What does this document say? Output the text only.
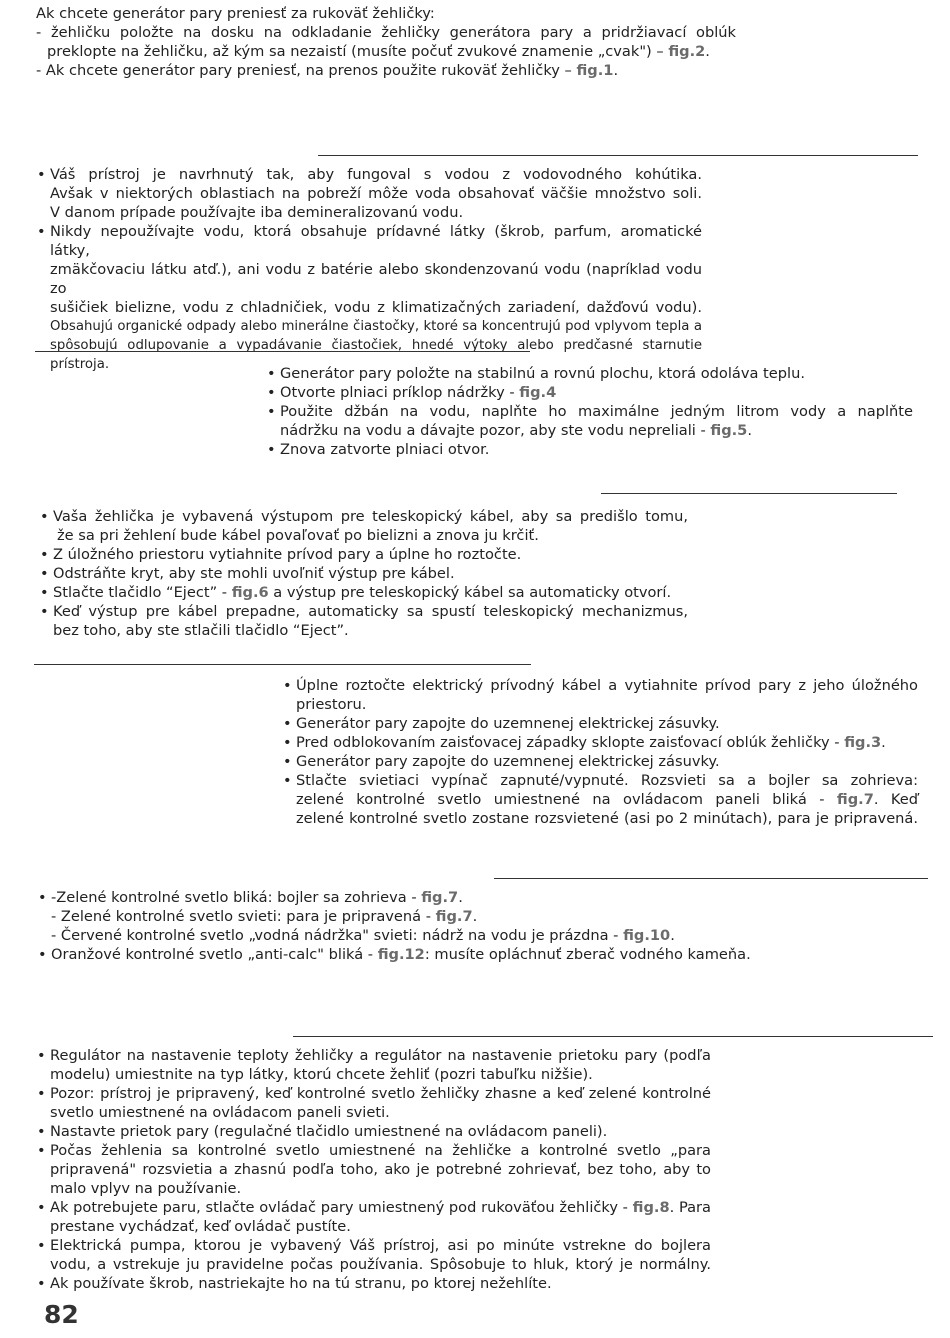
Ak chcete generátor pary preniesť za rukoväť žehličky:
- žehličku položte na dosku na odkladanie žehličky generátora pary a pridržiavací oblúk
preklopte na žehličku, až kým sa nezaistí (musíte počuť zvukové znamenie „cvak") – fig.2.
- Ak chcete generátor pary preniesť, na prenos použite rukoväť žehličky – fig.1.
• Váš prístroj je navrhnutý tak, aby fungoval s vodou z vodovodného kohútika.
Avšak v niektorých oblastiach na pobreží môže voda obsahovať väčšie množstvo soli.
V danom prípade používajte iba demineralizovanú vodu.
• Nikdy nepoužívajte vodu, ktorá obsahuje prídavné látky (škrob, parfum, aromatické látky,
zmäkčovaciu látku atď.), ani vodu z batérie alebo skondenzovanú vodu (napríklad vodu zo
sušičiek bielizne, vodu z chladničiek, vodu z klimatizačných zariadení, dažďovú vodu).
Obsahujú organické odpady alebo minerálne čiastočky, ktoré sa koncentrujú pod vplyvom tepla a
spôsobujú odlupovanie a vypadávanie čiastočiek, hnedé výtoky alebo predčasné starnutie prístroja.
• Generátor pary položte na stabilnú a rovnú plochu, ktorá odoláva teplu.
• Otvorte plniaci príklop nádržky - fig.4
• Použite džbán na vodu, naplňte ho maximálne jedným litrom vody a naplňte
nádržku na vodu a dávajte pozor, aby ste vodu nepreliali - fig.5.
• Znova zatvorte plniaci otvor.
• Vaša žehlička je vybavená výstupom pre teleskopický kábel, aby sa predišlo tomu,
že sa pri žehlení bude kábel povaľovať po bielizni a znova ju krčiť.
• Z úložného priestoru vytiahnite prívod pary a úplne ho roztočte.
• Odstráňte kryt, aby ste mohli uvoľniť výstup pre kábel.
• Stlačte tlačidlo “Eject” - fig.6 a výstup pre teleskopický kábel sa automaticky otvorí.
• Keď výstup pre kábel prepadne, automaticky sa spustí teleskopický mechanizmus,
bez toho, aby ste stlačili tlačidlo “Eject”.
• Úplne roztočte elektrický prívodný kábel a vytiahnite prívod pary z jeho úložného
priestoru.
• Generátor pary zapojte do uzemnenej elektrickej zásuvky.
• Pred odblokovaním zaisťovacej západky sklopte zaisťovací oblúk žehličky - fig.3.
• Generátor pary zapojte do uzemnenej elektrickej zásuvky.
• Stlačte svietiaci vypínač zapnuté/vypnuté. Rozsvieti sa a bojler sa zohrieva:
zelené kontrolné svetlo umiestnené na ovládacom paneli bliká - fig.7. Keď
zelené kontrolné svetlo zostane rozsvietené (asi po 2 minútach), para je pripravená.
• -Zelené kontrolné svetlo bliká: bojler sa zohrieva - fig.7.
- Zelené kontrolné svetlo svieti: para je pripravená - fig.7.
- Červené kontrolné svetlo „vodná nádržka" svieti: nádrž na vodu je prázdna - fig.10.
• Oranžové kontrolné svetlo „anti-calc" bliká - fig.12: musíte opláchnuť zberač vodného kameňa.
• Regulátor na nastavenie teploty žehličky a regulátor na nastavenie prietoku pary (podľa
modelu) umiestnite na typ látky, ktorú chcete žehliť (pozri tabuľku nižšie).
• Pozor: prístroj je pripravený, keď kontrolné svetlo žehličky zhasne a keď zelené kontrolné
svetlo umiestnené na ovládacom paneli svieti.
• Nastavte prietok pary (regulačné tlačidlo umiestnené na ovládacom paneli).
• Počas žehlenia sa kontrolné svetlo umiestnené na žehličke a kontrolné svetlo „para
pripravená" rozsvietia a zhasnú podľa toho, ako je potrebné zohrievať, bez toho, aby to
malo vplyv na používanie.
• Ak potrebujete paru, stlačte ovládač pary umiestnený pod rukoväťou žehličky - fig.8. Para
prestane vychádzať, keď ovládač pustíte.
• Elektrická pumpa, ktorou je vybavený Váš prístroj, asi po minúte vstrekne do bojlera
vodu, a vstrekuje ju pravidelne počas používania. Spôsobuje to hluk, ktorý je normálny.
• Ak používate škrob, nastriekajte ho na tú stranu, po ktorej nežehlíte.
82
